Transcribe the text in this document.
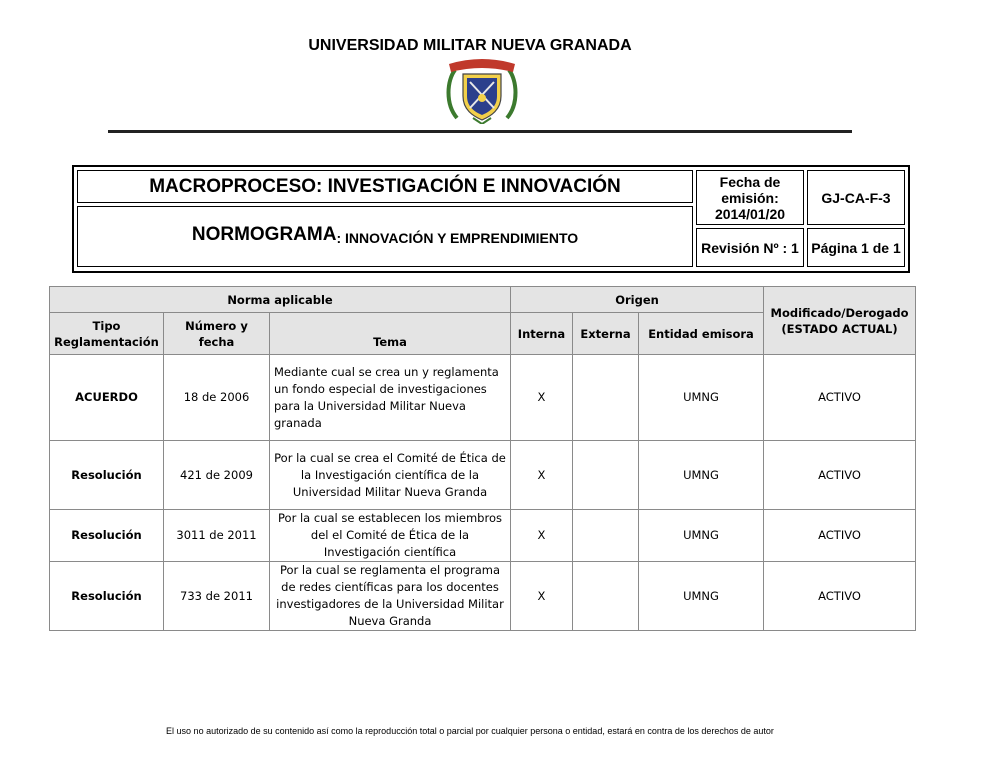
UNIVERSIDAD MILITAR NUEVA GRANADA
MACROPROCESO: INVESTIGACIÓN E INNOVACIÓN
NORMOGRAMA : INNOVACIÓN Y EMPRENDIMIENTO
Fecha de emisión:
2014/01/20
GJ-CA-F-3
Revisión Nº : 1 Página 1 de 1
Norma aplicable			Origen			Modificado/Derogado (ESTADO ACTUAL)
Tipo Reglamentación	Número y fecha	Tema	Interna	Externa	Entidad emisora	
ACUERDO	18 de 2006	Mediante cual se crea un y reglamenta un fondo especial de investigaciones para la Universidad Militar Nueva granada	X		UMNG	ACTIVO
Resolución	421 de 2009	Por la cual se crea el Comité de Ética de la Investigación científica de la Universidad Militar Nueva Granda	X		UMNG	ACTIVO
Resolución	3011 de 2011	Por la cual se establecen los miembros del el Comité de Ética de la Investigación científica	X		UMNG	ACTIVO
Resolución	733 de 2011	Por la cual se reglamenta el programa de redes científicas para los docentes investigadores de la Universidad Militar Nueva Granda	X		UMNG	ACTIVO
El uso no autorizado de su contenido así como la reproducción total o parcial por cualquier persona o entidad, estará en contra de los derechos de autor
